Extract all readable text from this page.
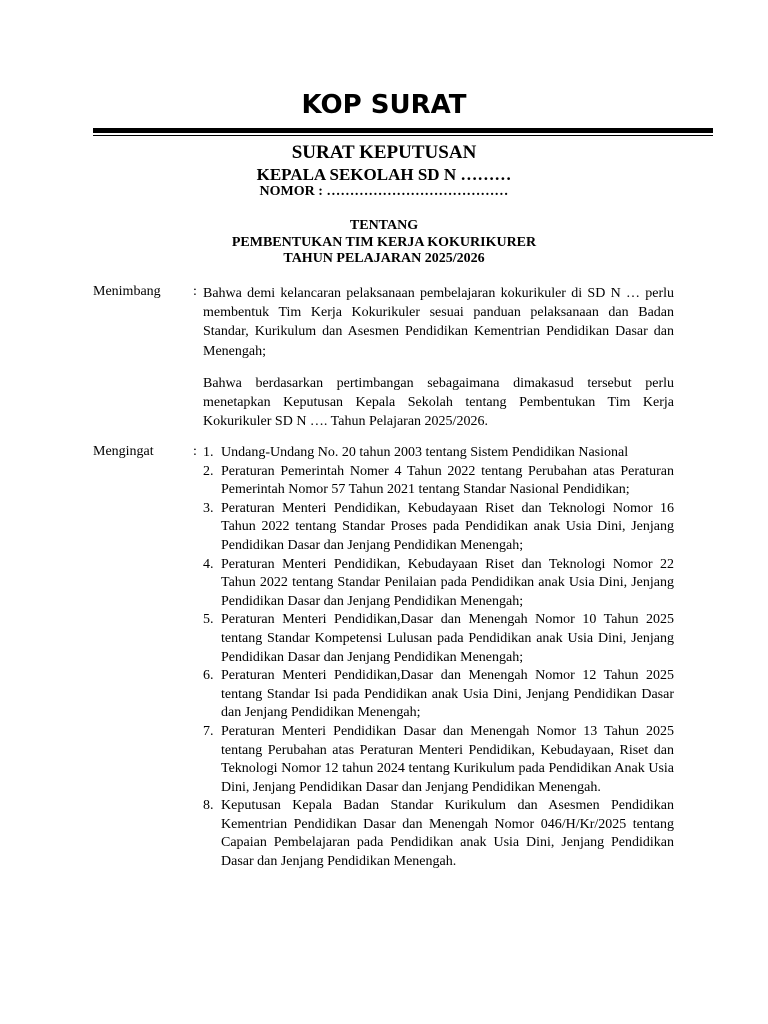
KOP SURAT
SURAT KEPUTUSAN
KEPALA SEKOLAH SD N ………
NOMOR : …………………………………
TENTANG
PEMBENTUKAN TIM KERJA KOKURIKURER
TAHUN PELAJARAN 2025/2026
Menimbang : Bahwa demi kelancaran pelaksanaan pembelajaran kokurikuler di SD N … perlu membentuk Tim Kerja Kokurikuler sesuai panduan pelaksanaan dan Badan Standar, Kurikulum dan Asesmen Pendidikan Kementrian Pendidikan Dasar dan Menengah;
Bahwa berdasarkan pertimbangan sebagaimana dimakasud tersebut perlu menetapkan Keputusan Kepala Sekolah tentang Pembentukan Tim Kerja Kokurikuler SD N …. Tahun Pelajaran 2025/2026.
Mengingat	: 1. Undang-Undang No. 20 tahun 2003 tentang Sistem Pendidikan Nasional
2. Peraturan Pemerintah Nomer 4 Tahun 2022 tentang Perubahan atas Peraturan Pemerintah Nomor 57 Tahun 2021 tentang Standar Nasional Pendidikan;
3. Peraturan Menteri Pendidikan, Kebudayaan Riset dan Teknologi Nomor 16 Tahun 2022 tentang Standar Proses pada Pendidikan anak Usia Dini, Jenjang Pendidikan Dasar dan Jenjang Pendidikan Menengah;
4. Peraturan Menteri Pendidikan, Kebudayaan Riset dan Teknologi Nomor 22 Tahun 2022 tentang Standar Penilaian pada Pendidikan anak Usia Dini, Jenjang Pendidikan Dasar dan Jenjang Pendidikan Menengah;
5. Peraturan Menteri Pendidikan,Dasar dan Menengah Nomor 10 Tahun 2025 tentang Standar Kompetensi Lulusan pada Pendidikan anak Usia Dini, Jenjang Pendidikan Dasar dan Jenjang Pendidikan Menengah;
6. Peraturan Menteri Pendidikan,Dasar dan Menengah Nomor 12 Tahun 2025 tentang Standar Isi pada Pendidikan anak Usia Dini, Jenjang Pendidikan Dasar dan Jenjang Pendidikan Menengah;
7. Peraturan Menteri Pendidikan Dasar dan Menengah Nomor 13 Tahun 2025 tentang Perubahan atas Peraturan Menteri Pendidikan, Kebudayaan, Riset dan Teknologi Nomor 12 tahun 2024 tentang Kurikulum pada Pendidikan Anak Usia Dini, Jenjang Pendidikan Dasar dan Jenjang Pendidikan Menengah.
8. Keputusan Kepala Badan Standar Kurikulum dan Asesmen Pendidikan Kementrian Pendidikan Dasar dan Menengah Nomor 046/H/Kr/2025 tentang Capaian Pembelajaran pada Pendidikan anak Usia Dini, Jenjang Pendidikan Dasar dan Jenjang Pendidikan Menengah.
